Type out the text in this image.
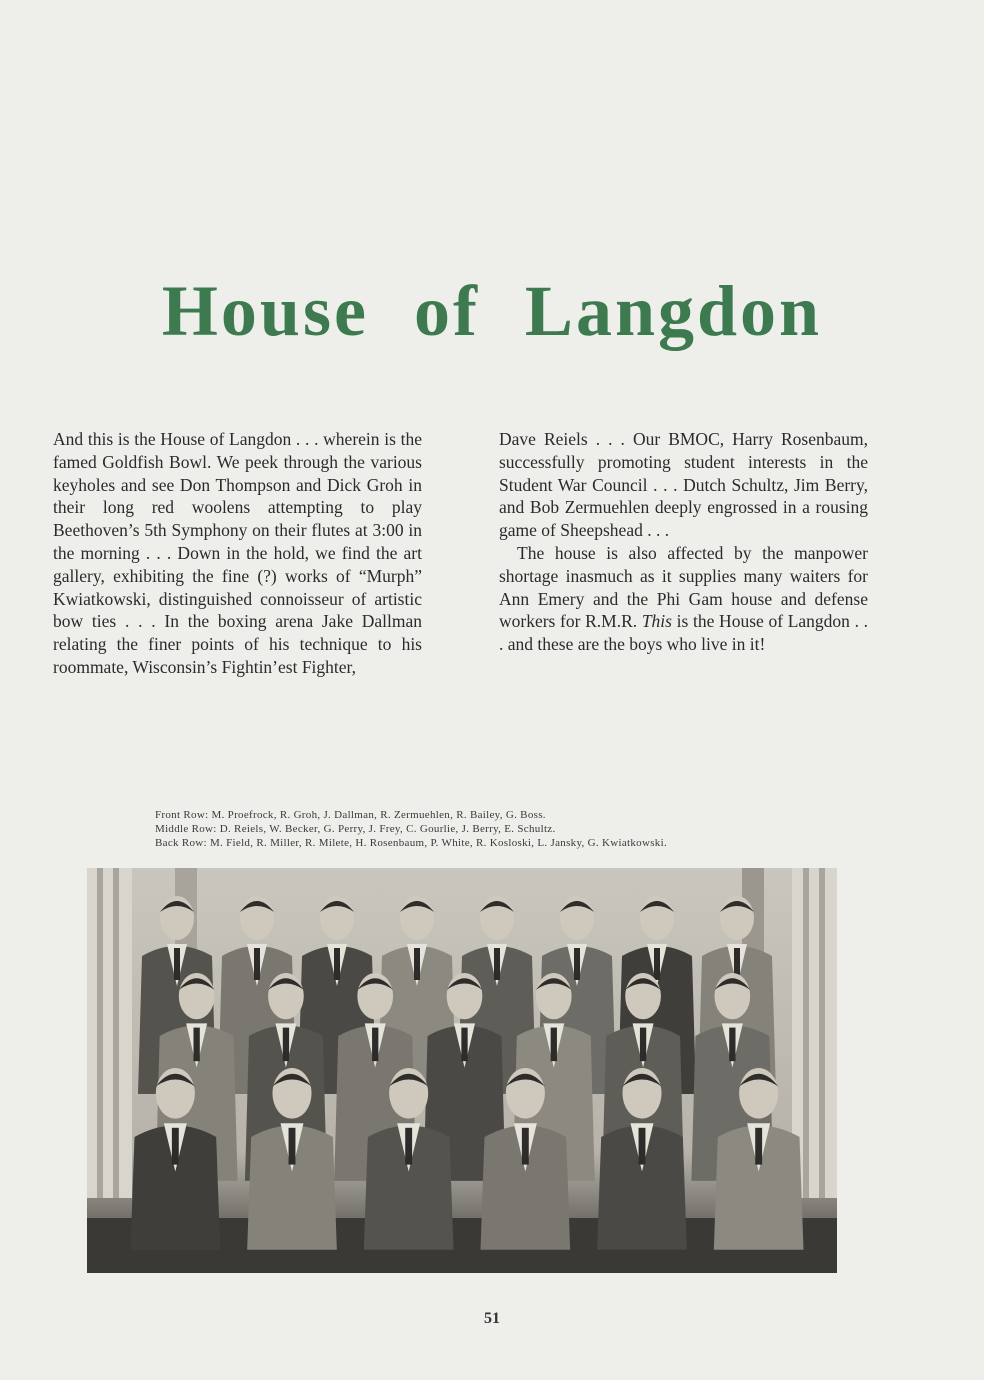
House of Langdon

And this is the House of Langdon . . . wherein is the famed Goldfish Bowl. We peek through the various keyholes and see Don Thompson and Dick Groh in their long red woolens attempting to play Beethoven’s 5th Symphony on their flutes at 3:00 in the morning . . . Down in the hold, we find the art gallery, exhibiting the fine (?) works of “Murph” Kwiatkowski, distinguished connoisseur of artistic bow ties . . . In the boxing arena Jake Dallman relating the finer points of his technique to his roommate, Wisconsin’s Fightin’est Fighter,

Dave Reiels . . . Our BMOC, Harry Rosenbaum, successfully promoting student interests in the Student War Council . . . Dutch Schultz, Jim Berry, and Bob Zermuehlen deeply engrossed in a rousing game of Sheepshead . . .

The house is also affected by the manpower shortage inasmuch as it supplies many waiters for Ann Emery and the Phi Gam house and defense workers for R.M.R. This is the House of Langdon . . . and these are the boys who live in it!

Front Row: M. Proefrock, R. Groh, J. Dallman, R. Zermuehlen, R. Bailey, G. Boss.
Middle Row: D. Reiels, W. Becker, G. Perry, J. Frey, C. Gourlie, J. Berry, E. Schultz.
Back Row: M. Field, R. Miller, R. Milete, H. Rosenbaum, P. White, R. Kosloski, L. Jansky, G. Kwiatkowski.
51
